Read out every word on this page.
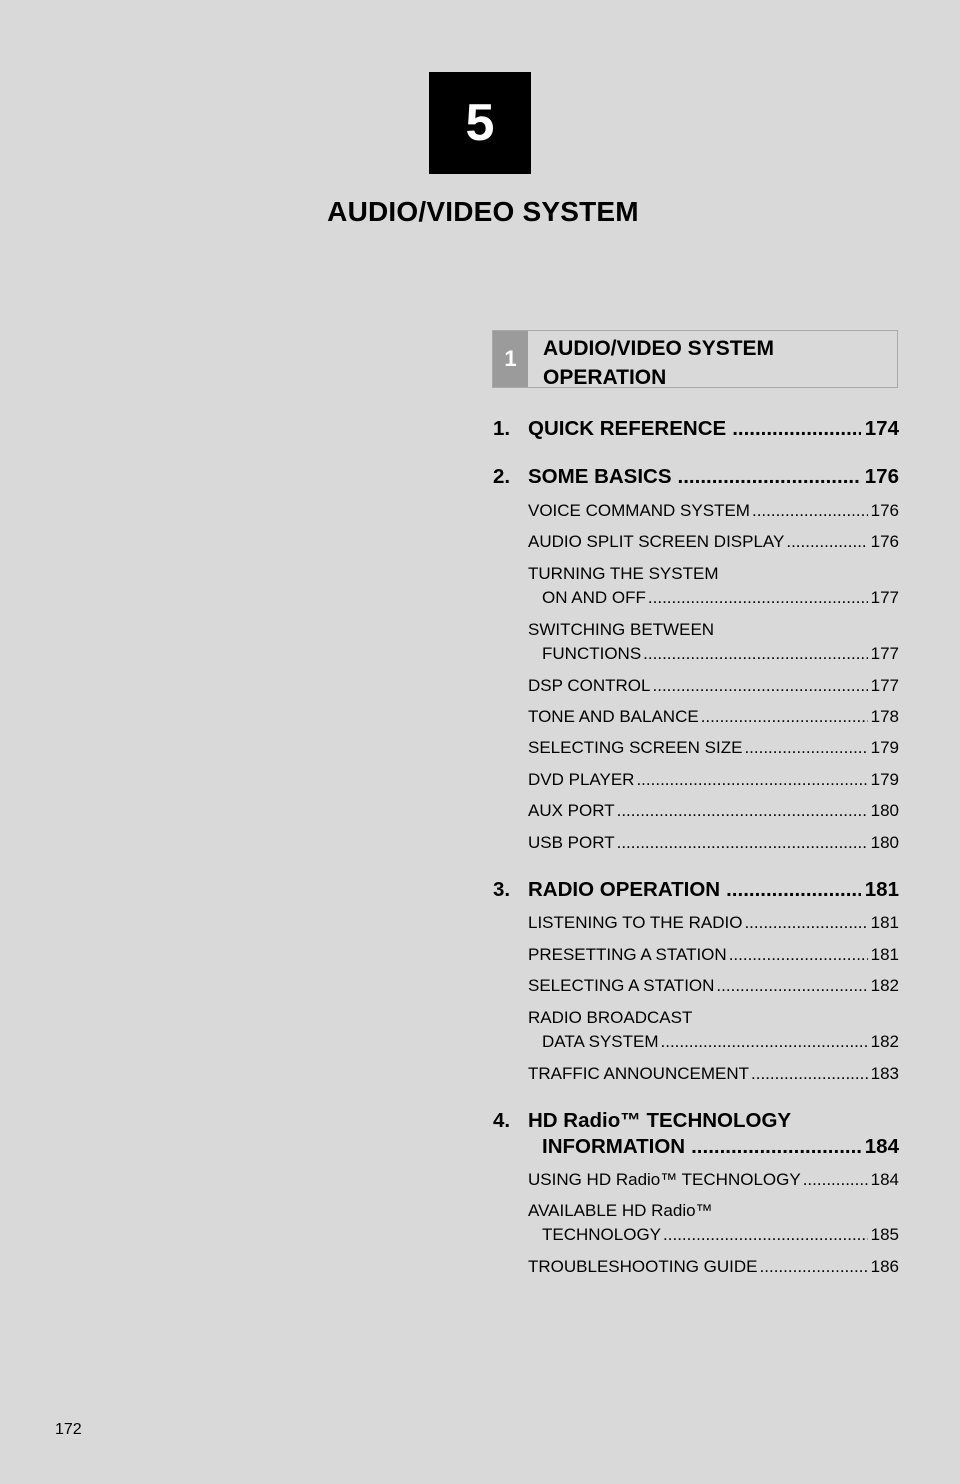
5
AUDIO/VIDEO SYSTEM
1	AUDIO/VIDEO SYSTEM
OPERATION
1. QUICK REFERENCE .....	174
2. SOME BASICS .....	176
VOICE COMMAND SYSTEM .....	176
AUDIO SPLIT SCREEN DISPLAY .....	176
TURNING THE SYSTEM
ON AND OFF .....	177
SWITCHING BETWEEN
FUNCTIONS .....	177
DSP CONTROL .....	177
TONE AND BALANCE .....	178
SELECTING SCREEN SIZE .....	179
DVD PLAYER .....	179
AUX PORT .....	180
USB PORT .....	180
3. RADIO OPERATION .....	181
LISTENING TO THE RADIO .....	181
PRESETTING A STATION .....	181
SELECTING A STATION .....	182
RADIO BROADCAST
DATA SYSTEM .....	182
TRAFFIC ANNOUNCEMENT .....	183
4. HD Radio™ TECHNOLOGY
INFORMATION .....	184
USING HD Radio™ TECHNOLOGY .....	184
AVAILABLE HD Radio™
TECHNOLOGY .....	185
TROUBLESHOOTING GUIDE .....	186
172
